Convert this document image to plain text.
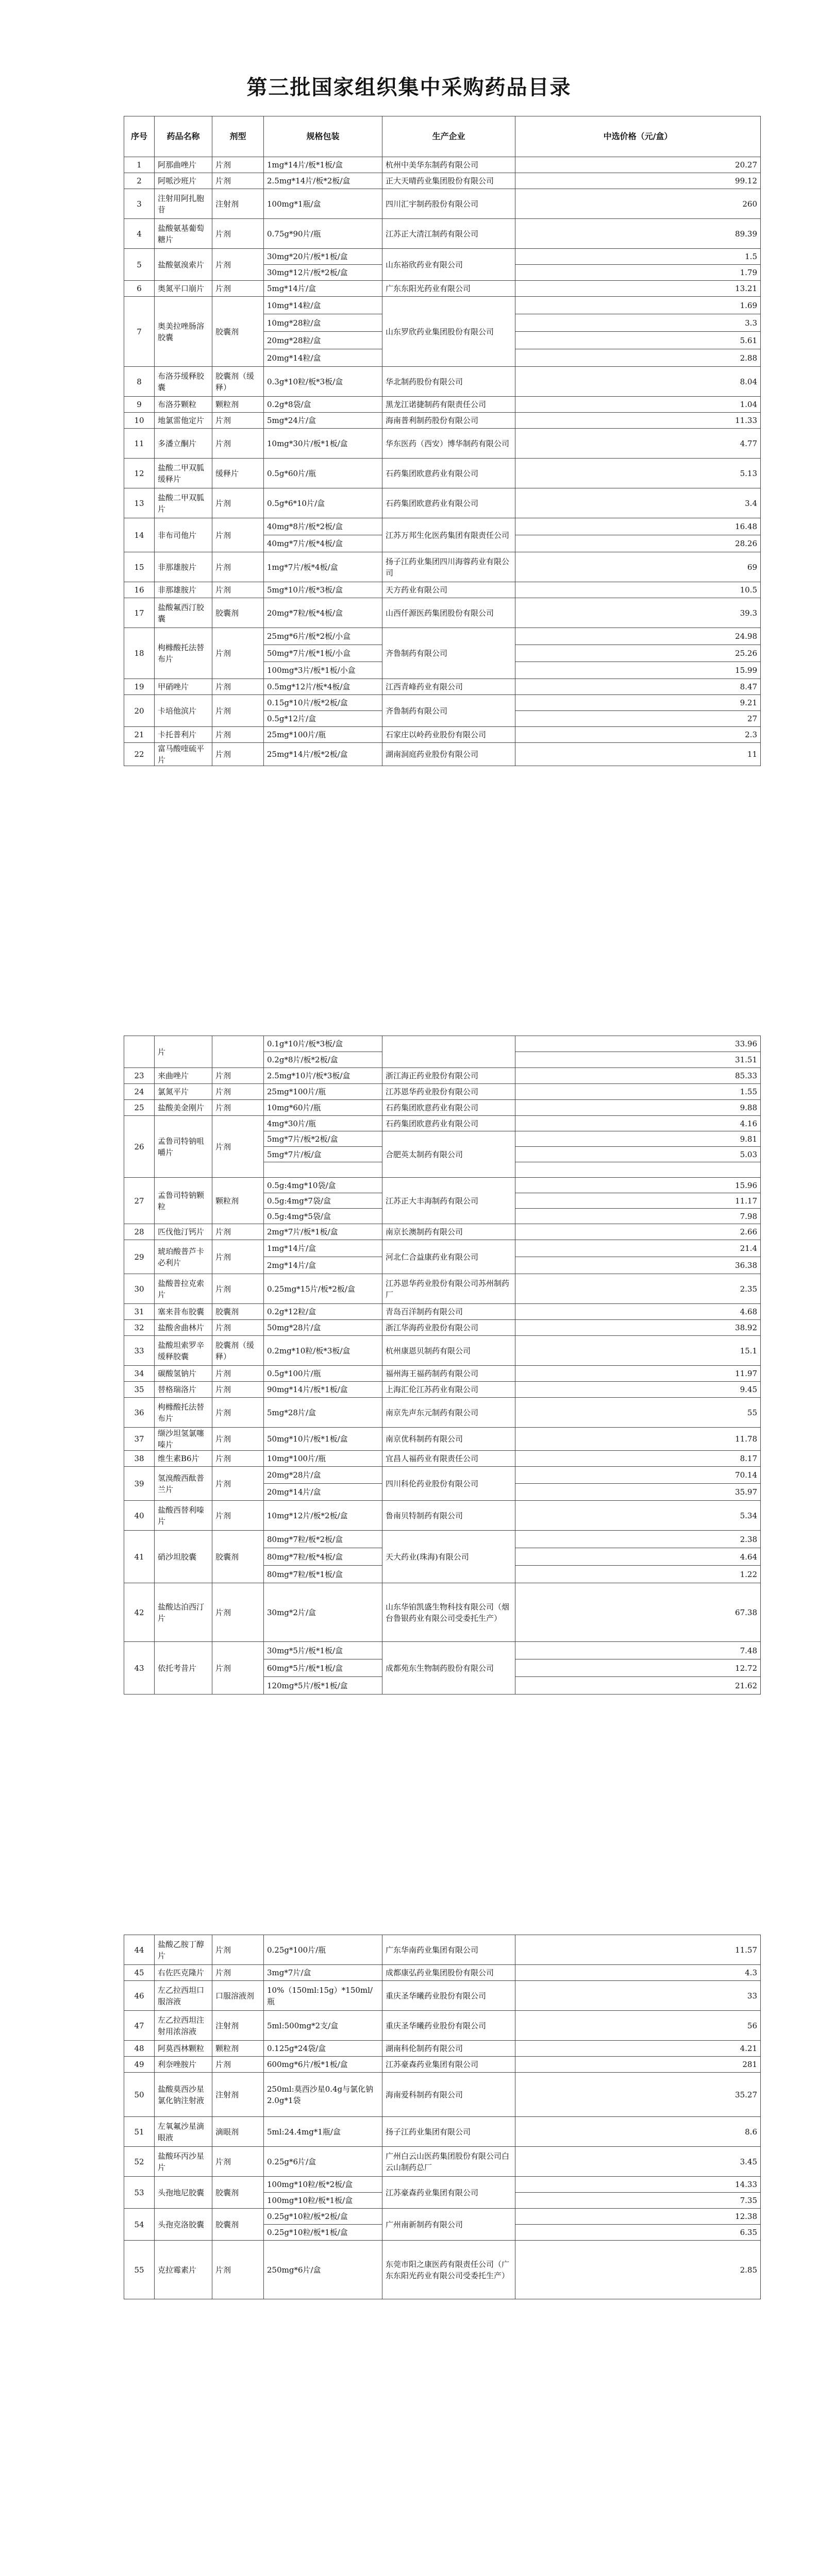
第三批国家组织集中采购药品目录
序号	药品名称	剂型	规格包装	生产企业	中选价格（元/盒）
1	阿那曲唑片	片剂	1mg*14片/板*1板/盒	杭州中美华东制药有限公司	20.27
2	阿哌沙班片	片剂	2.5mg*14片/板*2板/盒	正大天晴药业集团股份有限公司	99.12
3	注射用阿扎胞苷	注射剂	100mg*1瓶/盒	四川汇宇制药股份有限公司	260
4	盐酸氨基葡萄糖片	片剂	0.75g*90片/瓶	江苏正大清江制药有限公司	89.39
5	盐酸氨溴索片	片剂	30mg*20片/板*1板/盒	山东裕欣药业有限公司	1.5
			30mg*12片/板*2板/盒		1.79
6	奥氮平口崩片	片剂	5mg*14片/盒	广东东阳光药业有限公司	13.21
7	奥美拉唑肠溶胶囊	胶囊剂	10mg*14粒/盒	山东罗欣药业集团股份有限公司	1.69
			10mg*28粒/盒		3.3
			20mg*28粒/盒		5.61
			20mg*14粒/盒		2.88
8	布洛芬缓释胶囊	胶囊剂（缓释）	0.3g*10粒/板*3板/盒	华北制药股份有限公司	8.04
9	布洛芬颗粒	颗粒剂	0.2g*8袋/盒	黑龙江诺捷制药有限责任公司	1.04
10	地氯雷他定片	片剂	5mg*24片/盒	海南普利制药股份有限公司	11.33
11	多潘立酮片	片剂	10mg*30片/板*1板/盒	华东医药（西安）博华制药有限公司	4.77
12	盐酸二甲双胍缓释片	缓释片	0.5g*60片/瓶	石药集团欧意药业有限公司	5.13
13	盐酸二甲双胍片	片剂	0.5g*6*10片/盒	石药集团欧意药业有限公司	3.4
14	非布司他片	片剂	40mg*8片/板*2板/盒	江苏万邦生化医药集团有限责任公司	16.48
			40mg*7片/板*4板/盒		28.26
15	非那雄胺片	片剂	1mg*7片/板*4板/盒	扬子江药业集团四川海蓉药业有限公司	69
16	非那雄胺片	片剂	5mg*10片/板*3板/盒	天方药业有限公司	10.5
17	盐酸氟西汀胶囊	胶囊剂	20mg*7粒/板*4板/盒	山西仟源医药集团股份有限公司	39.3
18	枸橼酸托法替布片	片剂	25mg*6片/板*2板/小盒	齐鲁制药有限公司	24.98
			50mg*7片/板*1板/小盒		25.26
			100mg*3片/板*1板/小盒		15.99
19	甲硝唑片	片剂	0.5mg*12片/板*4板/盒	江西青峰药业有限公司	8.47
20	卡培他滨片	片剂	0.15g*10片/板*2板/盒	齐鲁制药有限公司	9.21
			0.5g*12片/盒		27
21	卡托普利片	片剂	25mg*100片/瓶	石家庄以岭药业股份有限公司	2.3
22	富马酸喹硫平片	片剂	25mg*14片/板*2板/盒	湖南洞庭药业股份有限公司	11
	片		0.1g*10片/板*3板/盒		33.96
			0.2g*8片/板*2板/盒		31.51
23	来曲唑片	片剂	2.5mg*10片/板*3板/盒	浙江海正药业股份有限公司	85.33
24	氯氮平片	片剂	25mg*100片/瓶	江苏恩华药业股份有限公司	1.55
25	盐酸美金刚片	片剂	10mg*60片/瓶	石药集团欧意药业有限公司	9.88
26	孟鲁司特钠咀嚼片	片剂	4mg*30片/瓶	石药集团欧意药业有限公司	4.16
			5mg*7片/板*2板/盒	合肥英太制药有限公司	9.81
			5mg*7片/板/盒		5.03

27	孟鲁司特钠颗粒	颗粒剂	0.5g:4mg*10袋/盒	江苏正大丰海制药有限公司	15.96
			0.5g:4mg*7袋/盒		11.17
			0.5g:4mg*5袋/盒		7.98
28	匹伐他汀钙片	片剂	2mg*7片/板*1板/盒	南京长澳制药有限公司	2.66
29	琥珀酸普芦卡必利片	片剂	1mg*14片/盒	河北仁合益康药业有限公司	21.4
			2mg*14片/盒		36.38
30	盐酸普拉克索片	片剂	0.25mg*15片/板*2板/盒	江苏恩华药业股份有限公司苏州制药厂	2.35
31	塞来昔布胶囊	胶囊剂	0.2g*12粒/盒	青岛百洋制药有限公司	4.68
32	盐酸舍曲林片	片剂	50mg*28片/盒	浙江华海药业股份有限公司	38.92
33	盐酸坦索罗辛缓释胶囊	胶囊剂（缓释）	0.2mg*10粒/板*3板/盒	杭州康恩贝制药有限公司	15.1
34	碳酸氢钠片	片剂	0.5g*100片/瓶	福州海王福药制药有限公司	11.97
35	替格瑞洛片	片剂	90mg*14片/板*1板/盒	上海汇伦江苏药业有限公司	9.45
36	枸橼酸托法替布片	片剂	5mg*28片/盒	南京先声东元制药有限公司	55
37	缬沙坦氢氯噻嗪片	片剂	50mg*10片/板*1板/盒	南京优科制药有限公司	11.78
38	维生素B6片	片剂	10mg*100片/瓶	宜昌人福药业有限责任公司	8.17
39	氢溴酸西酞普兰片	片剂	20mg*28片/盒	四川科伦药业股份有限公司	70.14
			20mg*14片/盒		35.97
40	盐酸西替利嗪片	片剂	10mg*12片/板*2板/盒	鲁南贝特制药有限公司	5.34
41	硝沙坦胶囊	胶囊剂	80mg*7粒/板*2板/盒	天大药业(珠海)有限公司	2.38
			80mg*7粒/板*4板/盒		4.64
			80mg*7粒/板*1板/盒		1.22
42	盐酸达泊西汀片	片剂	30mg*2片/盒	山东华铂凯盛生物科技有限公司（烟台鲁银药业有限公司受委托生产）	67.38
43	依托考昔片	片剂	30mg*5片/板*1板/盒	成都苑东生物制药股份有限公司	7.48
			60mg*5片/板*1板/盒		12.72
			120mg*5片/板*1板/盒		21.62
44	盐酸乙胺丁醇片	片剂	0.25g*100片/瓶	广东华南药业集团有限公司	11.57
45	右佐匹克隆片	片剂	3mg*7片/盒	成都康弘药业集团股份有限公司	4.3
46	左乙拉西坦口服溶液	口服溶液剂	10%（150ml:15g）*150ml/瓶	重庆圣华曦药业股份有限公司	33
47	左乙拉西坦注射用浓溶液	注射剂	5ml:500mg*2支/盒	重庆圣华曦药业股份有限公司	56
48	阿莫西林颗粒	颗粒剂	0.125g*24袋/盒	湖南科伦制药有限公司	4.21
49	利奈唑胺片	片剂	600mg*6片/板*1板/盒	江苏豪森药业集团有限公司	281
50	盐酸莫西沙星氯化钠注射液	注射剂	250ml:莫西沙星0.4g与氯化钠2.0g*1袋	海南爱科制药有限公司	35.27
51	左氧氟沙星滴眼液	滴眼剂	5ml:24.4mg*1瓶/盒	扬子江药业集团有限公司	8.6
52	盐酸环丙沙星片	片剂	0.25g*6片/盒	广州白云山医药集团股份有限公司白云山制药总厂	3.45
53	头孢地尼胶囊	胶囊剂	100mg*10粒/板*2板/盒	江苏豪森药业集团有限公司	14.33
			100mg*10粒/板*1板/盒		7.35
54	头孢克洛胶囊	胶囊剂	0.25g*10粒/板*2板/盒	广州南新制药有限公司	12.38
			0.25g*10粒/板*1板/盒		6.35
55	克拉霉素片	片剂	250mg*6片/盒	东莞市阳之康医药有限责任公司（广东东阳光药业有限公司受委托生产）	2.85
